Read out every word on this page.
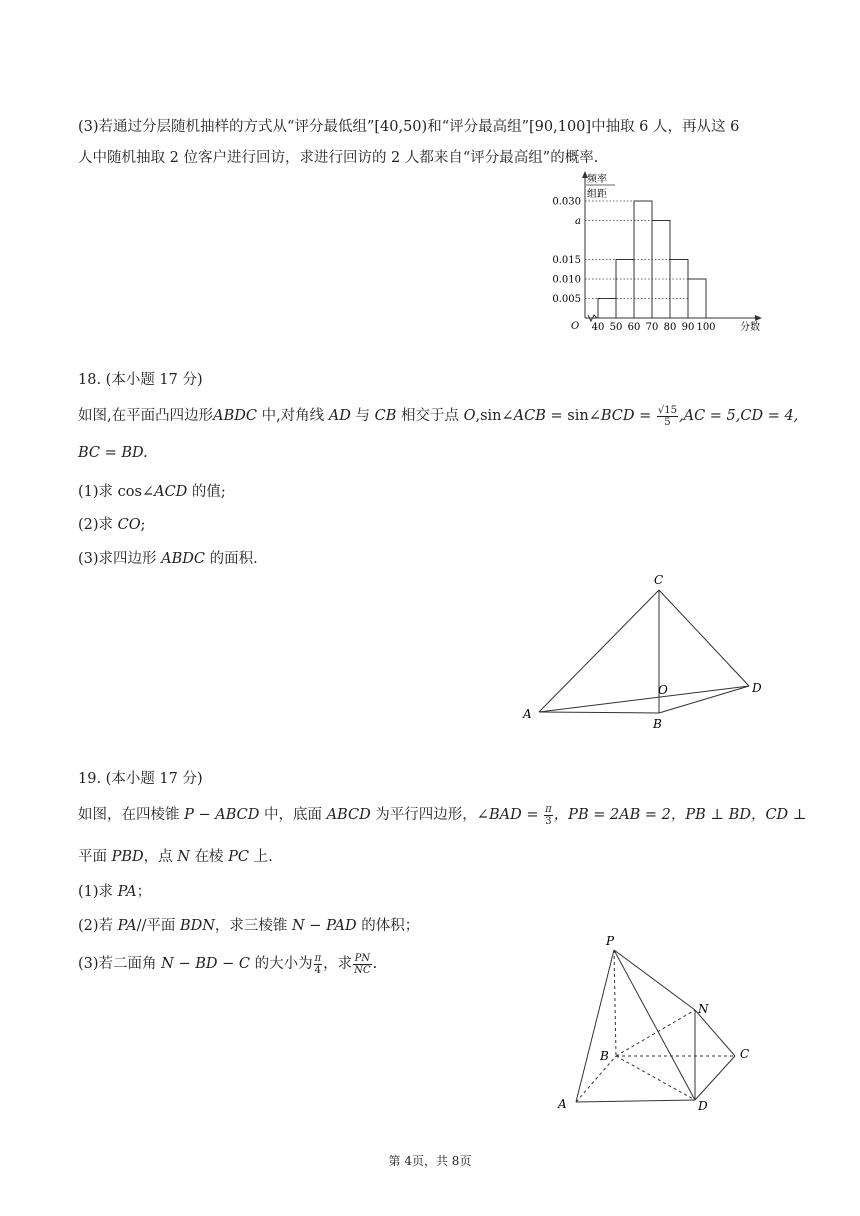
(3)若通过分层随机抽样的方式从“评分最低组”[40,50)和“评分最高组”[90,100]中抽取 6 人，再从这 6
人中随机抽取 2 位客户进行回访，求进行回访的 2 人都来自“评分最高组”的概率.
频率
组距
O
0.030
a
0.015
0.010
0.005
40 50 60 70 80 90 100 分数
18. (本小题 17 分)
如图,在平面凸四边形ABDC 中,对角线 AD 与 CB 相交于点 O,sin∠ACB = sin∠BCD = $\frac{√15}{5} ,AC = 5,CD = 4$,
BC = BD.
(1)求 cos∠ACD 的值;
(2)求 CO;
(3)求四边形 ABDC 的面积.
C
O	D
A
B
19. (本小题 17 分)
如图，在四棱锥 P − ABCD 中，底面 ABCD 为平行四边形，∠BAD = $\frac{\pi}{3}$ ，PB = 2AB = 2，PB ⊥ BD，CD ⊥
平面 PBD，点 N 在棱 PC 上.
(1)求 PA；
(2)若 PA//平面 BDN，求三棱锥 N − PAD 的体积；
(3)若二面角 N − BD − C 的大小为 $\frac{\pi}{4}$ ，求 $\frac{PN}{NC}$ .
P
N
B	C
A	D
第 4页，共 8页
